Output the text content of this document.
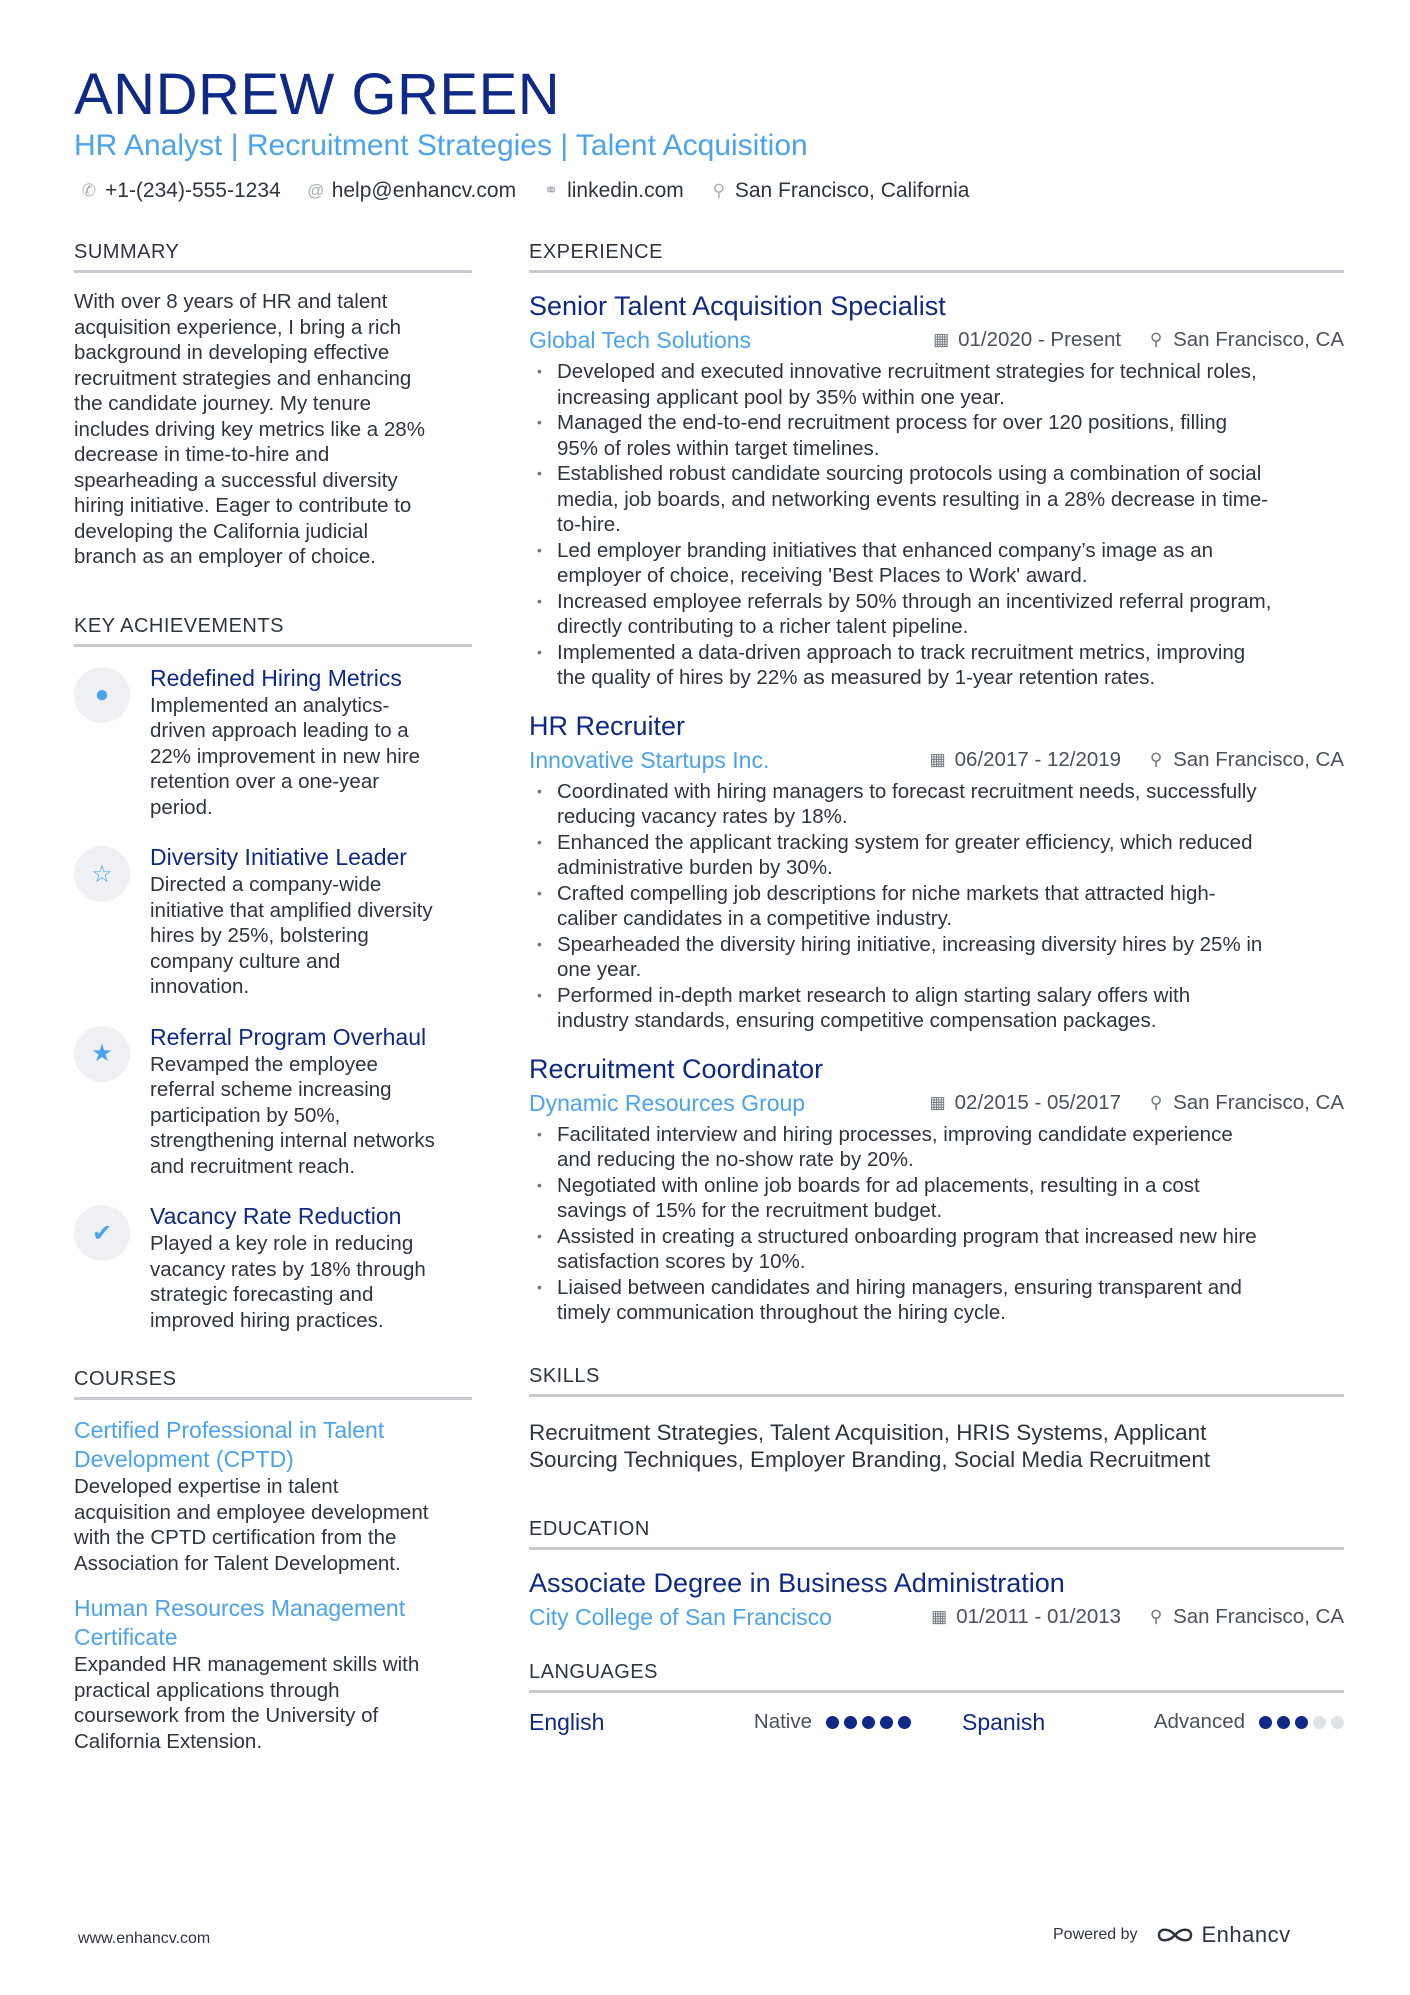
ANDREW GREEN
HR Analyst | Recruitment Strategies | Talent Acquisition
✆ +1-(234)-555-1234 @ help@enhancv.com ⚭ linkedin.com ⚲ San Francisco, California
SUMMARY
With over 8 years of HR and talent
acquisition experience, I bring a rich
background in developing effective
recruitment strategies and enhancing
the candidate journey. My tenure
includes driving key metrics like a 28%
decrease in time-to-hire and
spearheading a successful diversity
hiring initiative. Eager to contribute to
developing the California judicial
branch as an employer of choice.
KEY ACHIEVEMENTS
●
Redefined Hiring Metrics
Implemented an analytics-
driven approach leading to a
22% improvement in new hire
retention over a one-year
period.
☆
Diversity Initiative Leader
Directed a company-wide
initiative that amplified diversity
hires by 25%, bolstering
company culture and
innovation.
★
Referral Program Overhaul
Revamped the employee
referral scheme increasing
participation by 50%,
strengthening internal networks
and recruitment reach.
✔
Vacancy Rate Reduction
Played a key role in reducing
vacancy rates by 18% through
strategic forecasting and
improved hiring practices.
COURSES
Certified Professional in Talent
Development (CPTD)
Developed expertise in talent
acquisition and employee development
with the CPTD certification from the
Association for Talent Development.
Human Resources Management
Certificate
Expanded HR management skills with
practical applications through
coursework from the University of
California Extension.
EXPERIENCE
Senior Talent Acquisition Specialist
Global Tech Solutions	▦ 01/2020 - Present ⚲ San Francisco, CA
• Developed and executed innovative recruitment strategies for technical roles,
increasing applicant pool by 35% within one year.
• Managed the end-to-end recruitment process for over 120 positions, filling
95% of roles within target timelines.
• Established robust candidate sourcing protocols using a combination of social
media, job boards, and networking events resulting in a 28% decrease in time-
to-hire.
• Led employer branding initiatives that enhanced company’s image as an
employer of choice, receiving 'Best Places to Work' award.
• Increased employee referrals by 50% through an incentivized referral program,
directly contributing to a richer talent pipeline.
• Implemented a data-driven approach to track recruitment metrics, improving
the quality of hires by 22% as measured by 1-year retention rates.
HR Recruiter
Innovative Startups Inc.	▦ 06/2017 - 12/2019 ⚲ San Francisco, CA
• Coordinated with hiring managers to forecast recruitment needs, successfully
reducing vacancy rates by 18%.
• Enhanced the applicant tracking system for greater efficiency, which reduced
administrative burden by 30%.
• Crafted compelling job descriptions for niche markets that attracted high-
caliber candidates in a competitive industry.
• Spearheaded the diversity hiring initiative, increasing diversity hires by 25% in
one year.
• Performed in-depth market research to align starting salary offers with
industry standards, ensuring competitive compensation packages.
Recruitment Coordinator
Dynamic Resources Group	▦ 02/2015 - 05/2017 ⚲ San Francisco, CA
• Facilitated interview and hiring processes, improving candidate experience
and reducing the no-show rate by 20%.
• Negotiated with online job boards for ad placements, resulting in a cost
savings of 15% for the recruitment budget.
• Assisted in creating a structured onboarding program that increased new hire
satisfaction scores by 10%.
• Liaised between candidates and hiring managers, ensuring transparent and
timely communication throughout the hiring cycle.
SKILLS
Recruitment Strategies, Talent Acquisition, HRIS Systems, Applicant
Sourcing Techniques, Employer Branding, Social Media Recruitment
EDUCATION
Associate Degree in Business Administration
City College of San Francisco	▦ 01/2011 - 01/2013 ⚲ San Francisco, CA
LANGUAGES
English	Native	Spanish	Advanced
www.enhancv.com	Powered by	Enhancv
